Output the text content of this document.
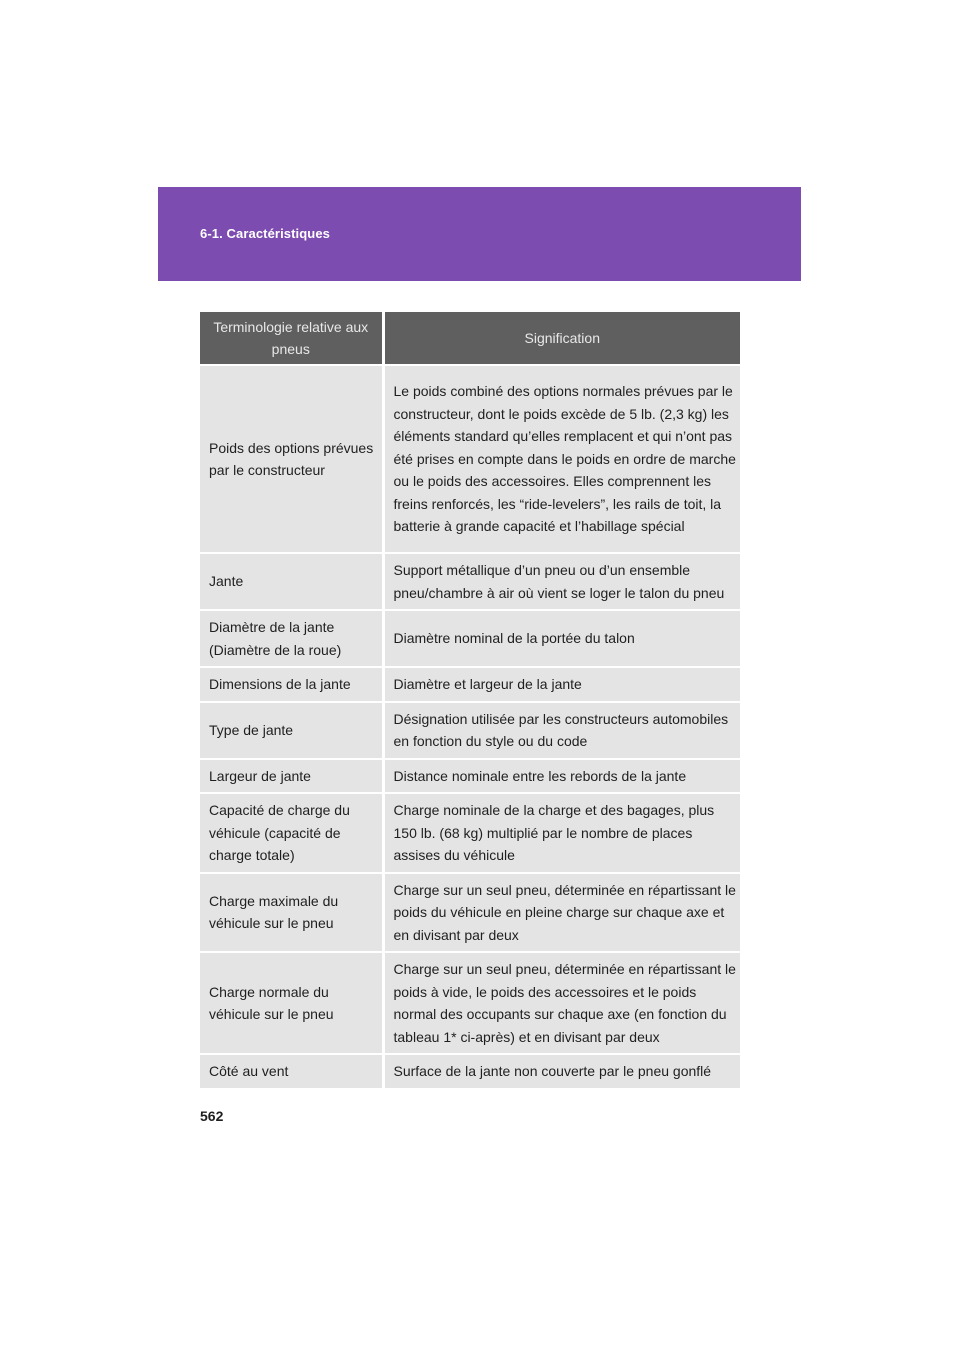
6-1. Caractéristiques
Terminologie relative aux pneus	Signification
Poids des options prévues par le constructeur	Le poids combiné des options normales prévues par le constructeur, dont le poids excède de 5 lb. (2,3 kg) les éléments standard qu’elles remplacent et qui n’ont pas été prises en compte dans le poids en ordre de marche ou le poids des accessoires. Elles comprennent les freins renforcés, les “ride-levelers”, les rails de toit, la batterie à grande capacité et l’habillage spécial
Jante	Support métallique d’un pneu ou d’un ensemble pneu/chambre à air où vient se loger le talon du pneu
Diamètre de la jante (Diamètre de la roue)	Diamètre nominal de la portée du talon
Dimensions de la jante	Diamètre et largeur de la jante
Type de jante	Désignation utilisée par les constructeurs automobiles en fonction du style ou du code
Largeur de jante	Distance nominale entre les rebords de la jante
Capacité de charge du véhicule (capacité de charge totale)	Charge nominale de la charge et des bagages, plus 150 lb. (68 kg) multiplié par le nombre de places assises du véhicule
Charge maximale du véhicule sur le pneu	Charge sur un seul pneu, déterminée en répartissant le poids du véhicule en pleine charge sur chaque axe et en divisant par deux
Charge normale du véhicule sur le pneu	Charge sur un seul pneu, déterminée en répartissant le poids à vide, le poids des accessoires et le poids normal des occupants sur chaque axe (en fonction du tableau 1* ci-après) et en divisant par deux
Côté au vent	Surface de la jante non couverte par le pneu gonflé
562
